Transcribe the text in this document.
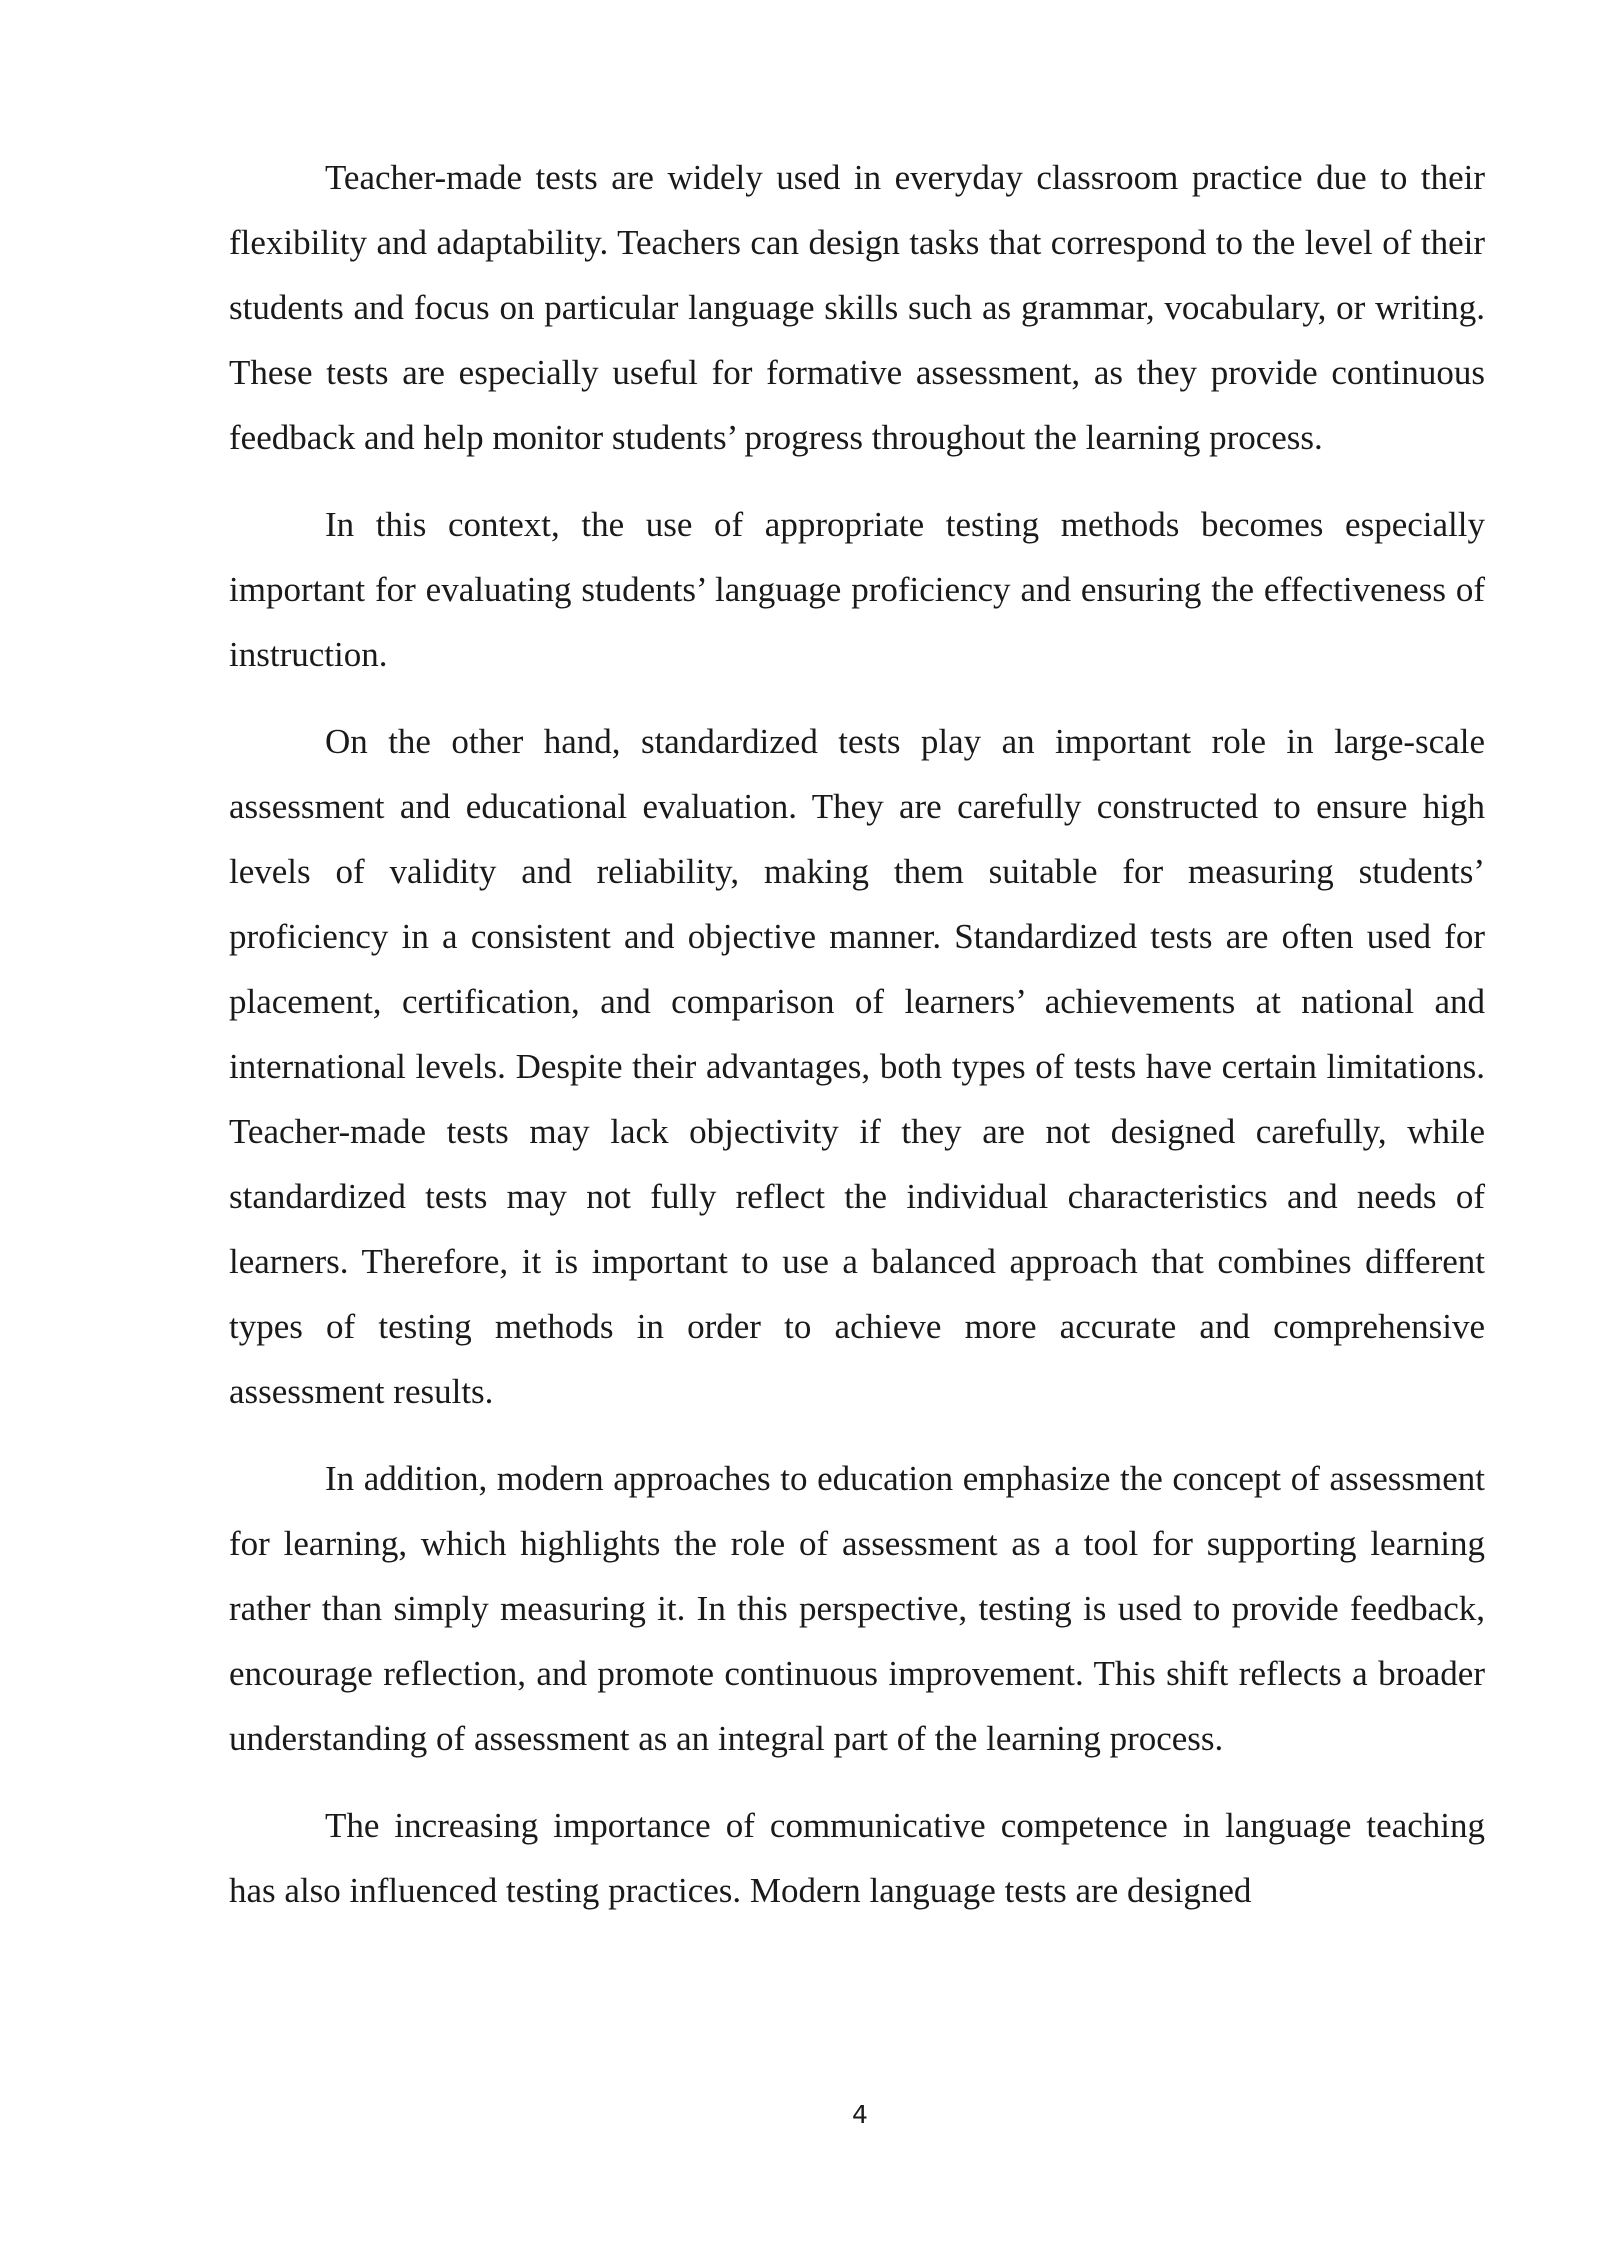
Teacher-made tests are widely used in everyday classroom practice due to their flexibility and adaptability. Teachers can design tasks that correspond to the level of their students and focus on particular language skills such as grammar, vocabulary, or writing. These tests are especially useful for formative assessment, as they provide continuous feedback and help monitor students’ progress throughout the learning process.

In this context, the use of appropriate testing methods becomes especially important for evaluating students’ language proficiency and ensuring the effectiveness of instruction.

On the other hand, standardized tests play an important role in large-scale assessment and educational evaluation. They are carefully constructed to ensure high levels of validity and reliability, making them suitable for measuring students’ proficiency in a consistent and objective manner. Standardized tests are often used for placement, certification, and comparison of learners’ achievements at national and international levels. Despite their advantages, both types of tests have certain limitations. Teacher-made tests may lack objectivity if they are not designed carefully, while standardized tests may not fully reflect the individual characteristics and needs of learners. Therefore, it is important to use a balanced approach that combines different types of testing methods in order to achieve more accurate and comprehensive assessment results.

In addition, modern approaches to education emphasize the concept of assessment for learning, which highlights the role of assessment as a tool for supporting learning rather than simply measuring it. In this perspective, testing is used to provide feedback, encourage reflection, and promote continuous improvement. This shift reflects a broader understanding of assessment as an integral part of the learning process.

The increasing importance of communicative competence in language teaching has also influenced testing practices. Modern language tests are designed

4
